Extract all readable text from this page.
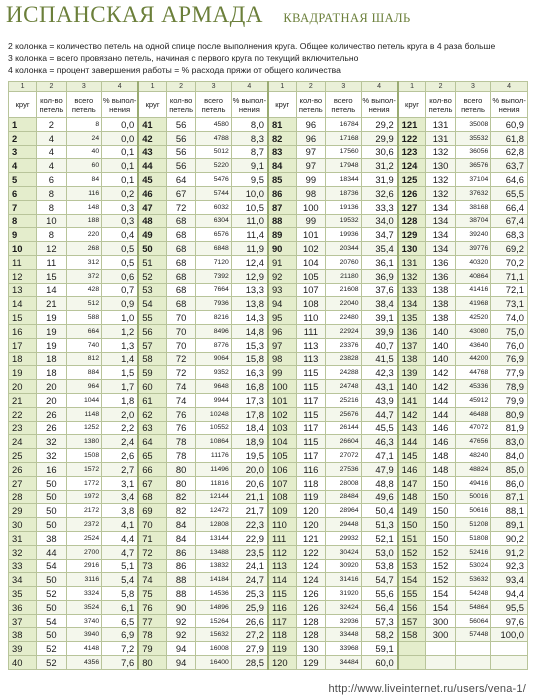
ИСПАНСКАЯ АРМАДА КВАДРАТНАЯ ШАЛЬ
2 колонка = количество петель на одной спице после выполнения круга. Общее количество петель круга в 4 раза больше
3 колонка = всего провязано петель, начиная с первого круга по текущий включительно
4 колонка = процент завершения работы = % расхода пряжи от общего количества
1	2	3	4	1	2	3	4	1	2	3	4	1	2	3	4
круг	кол-во петель	всего петель	% выпол-нения	круг	кол-во петель	всего петель	% выпол-нения	круг	кол-во петель	всего петель	% выпол-нения	круг	кол-во петель	всего петель	% выпол-нения
1	2	8	0,0	41	56	4580	8,0	81	96	16784	29,2	121	131	35008	60,9
2	4	24	0,0	42	56	4788	8,3	82	96	17168	29,9	122	131	35532	61,8
3	4	40	0,1	43	56	5012	8,7	83	97	17560	30,6	123	132	36056	62,8
4	4	60	0,1	44	56	5220	9,1	84	97	17948	31,2	124	130	36576	63,7
5	6	84	0,1	45	64	5476	9,5	85	99	18344	31,9	125	132	37104	64,6
6	8	116	0,2	46	67	5744	10,0	86	98	18736	32,6	126	132	37632	65,5
7	8	148	0,3	47	72	6032	10,5	87	100	19136	33,3	127	134	38168	66,4
8	10	188	0,3	48	68	6304	11,0	88	99	19532	34,0	128	134	38704	67,4
9	8	220	0,4	49	68	6576	11,4	89	101	19936	34,7	129	134	39240	68,3
10	12	268	0,5	50	68	6848	11,9	90	102	20344	35,4	130	134	39776	69,2
11	11	312	0,5	51	68	7120	12,4	91	104	20760	36,1	131	136	40320	70,2
12	15	372	0,6	52	68	7392	12,9	92	105	21180	36,9	132	136	40864	71,1
13	14	428	0,7	53	68	7664	13,3	93	107	21608	37,6	133	138	41416	72,1
14	21	512	0,9	54	68	7936	13,8	94	108	22040	38,4	134	138	41968	73,1
15	19	588	1,0	55	70	8216	14,3	95	110	22480	39,1	135	138	42520	74,0
16	19	664	1,2	56	70	8496	14,8	96	111	22924	39,9	136	140	43080	75,0
17	19	740	1,3	57	70	8776	15,3	97	113	23376	40,7	137	140	43640	76,0
18	18	812	1,4	58	72	9064	15,8	98	113	23828	41,5	138	140	44200	76,9
19	18	884	1,5	59	72	9352	16,3	99	115	24288	42,3	139	142	44768	77,9
20	20	964	1,7	60	74	9648	16,8	100	115	24748	43,1	140	142	45336	78,9
21	20	1044	1,8	61	74	9944	17,3	101	117	25216	43,9	141	144	45912	79,9
22	26	1148	2,0	62	76	10248	17,8	102	115	25676	44,7	142	144	46488	80,9
23	26	1252	2,2	63	76	10552	18,4	103	117	26144	45,5	143	146	47072	81,9
24	32	1380	2,4	64	78	10864	18,9	104	115	26604	46,3	144	146	47656	83,0
25	32	1508	2,6	65	78	11176	19,5	105	117	27072	47,1	145	148	48240	84,0
26	16	1572	2,7	66	80	11496	20,0	106	116	27536	47,9	146	148	48824	85,0
27	50	1772	3,1	67	80	11816	20,6	107	118	28008	48,8	147	150	49416	86,0
28	50	1972	3,4	68	82	12144	21,1	108	119	28484	49,6	148	150	50016	87,1
29	50	2172	3,8	69	82	12472	21,7	109	120	28964	50,4	149	150	50616	88,1
30	50	2372	4,1	70	84	12808	22,3	110	120	29448	51,3	150	150	51208	89,1
31	38	2524	4,4	71	84	13144	22,9	111	121	29932	52,1	151	150	51808	90,2
32	44	2700	4,7	72	86	13488	23,5	112	122	30424	53,0	152	152	52416	91,2
33	54	2916	5,1	73	86	13832	24,1	113	124	30920	53,8	153	152	53024	92,3
34	50	3116	5,4	74	88	14184	24,7	114	124	31416	54,7	154	152	53632	93,4
35	52	3324	5,8	75	88	14536	25,3	115	126	31920	55,6	155	154	54248	94,4
36	50	3524	6,1	76	90	14896	25,9	116	126	32424	56,4	156	154	54864	95,5
37	54	3740	6,5	77	92	15264	26,6	117	128	32936	57,3	157	300	56064	97,6
38	50	3940	6,9	78	92	15632	27,2	118	128	33448	58,2	158	300	57448	100,0
39	52	4148	7,2	79	94	16008	27,9	119	130	33968	59,1				
40	52	4356	7,6	80	94	16400	28,5	120	129	34484	60,0				
http://www.liveinternet.ru/users/vena-1/
